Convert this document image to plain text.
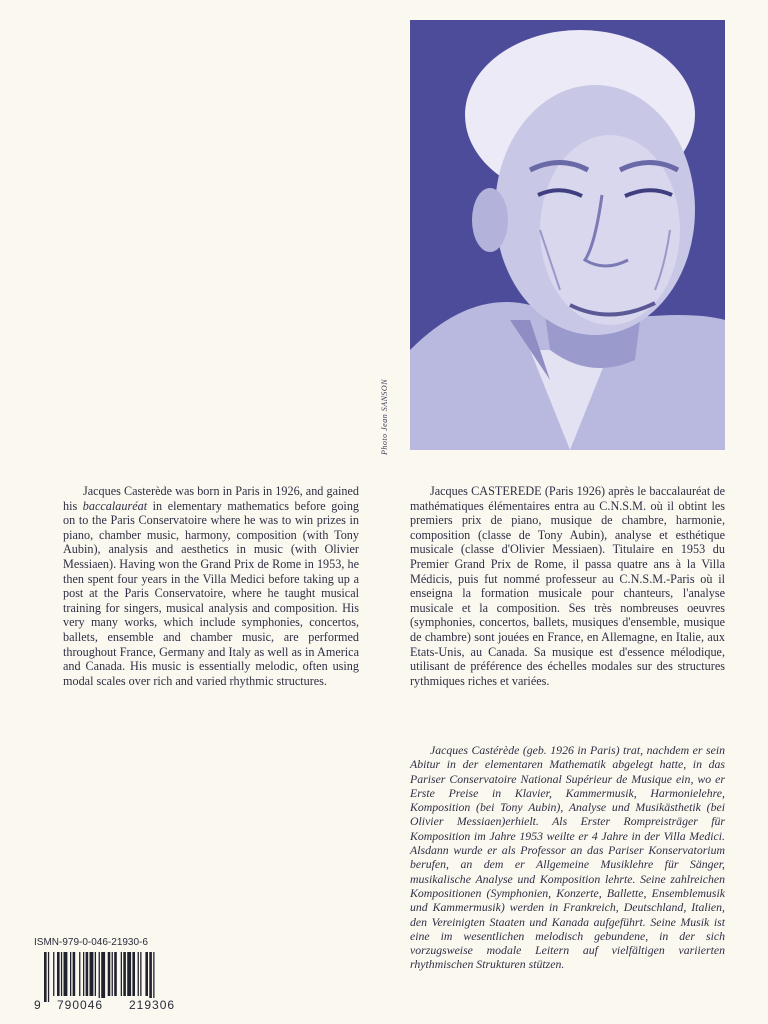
Photo Jean SANSON

Jacques Casterède was born in Paris in 1926, and gained his baccalauréat in elementary mathematics before going on to the Paris Conservatoire where he was to win prizes in piano, chamber music, harmony, composition (with Tony Aubin), analysis and aesthetics in music (with Olivier Messiaen). Having won the Grand Prix de Rome in 1953, he then spent four years in the Villa Medici before taking up a post at the Paris Conservatoire, where he taught musical training for singers, musical analysis and composition. His very many works, which include symphonies, concertos, ballets, ensemble and chamber music, are performed throughout France, Germany and Italy as well as in America and Canada. His music is essentially melodic, often using modal scales over rich and varied rhythmic structures.

Jacques CASTEREDE (Paris 1926) après le baccalauréat de mathématiques élémentaires entra au C.N.S.M. où il obtint les premiers prix de piano, musique de chambre, harmonie, composition (classe de Tony Aubin), analyse et esthétique musicale (classe d'Olivier Messiaen). Titulaire en 1953 du Premier Grand Prix de Rome, il passa quatre ans à la Villa Médicis, puis fut nommé professeur au C.N.S.M.-Paris où il enseigna la formation musicale pour chanteurs, l'analyse musicale et la composition. Ses très nombreuses oeuvres (symphonies, concertos, ballets, musiques d'ensemble, musique de chambre) sont jouées en France, en Allemagne, en Italie, aux Etats-Unis, au Canada. Sa musique est d'essence mélodique, utilisant de préférence des échelles modales sur des structures rythmiques riches et variées.

Jacques Castérède (geb. 1926 in Paris) trat, nachdem er sein Abitur in der elementaren Mathematik abgelegt hatte, in das Pariser Conservatoire National Supérieur de Musique ein, wo er Erste Preise in Klavier, Kammermusik, Harmonielehre, Komposition (bei Tony Aubin), Analyse und Musikästhetik (bei Olivier Messiaen)erhielt. Als Erster Rompreisträger für Komposition im Jahre 1953 weilte er 4 Jahre in der Villa Medici. Alsdann wurde er als Professor an das Pariser Konservatorium berufen, an dem er Allgemeine Musiklehre für Sänger, musikalische Analyse und Komposition lehrte. Seine zahlreichen Kompositionen (Symphonien, Konzerte, Ballette, Ensemblemusik und Kammermusik) werden in Frankreich, Deutschland, Italien, den Vereinigten Staaten und Kanada aufgeführt. Seine Musik ist eine im wesentlichen melodisch gebundene, in der sich vorzugsweise modale Leitern auf vielfältigen variierten rhythmischen Strukturen stützen.

ISMN-979-0-046-21930-6
9 790046 219306
